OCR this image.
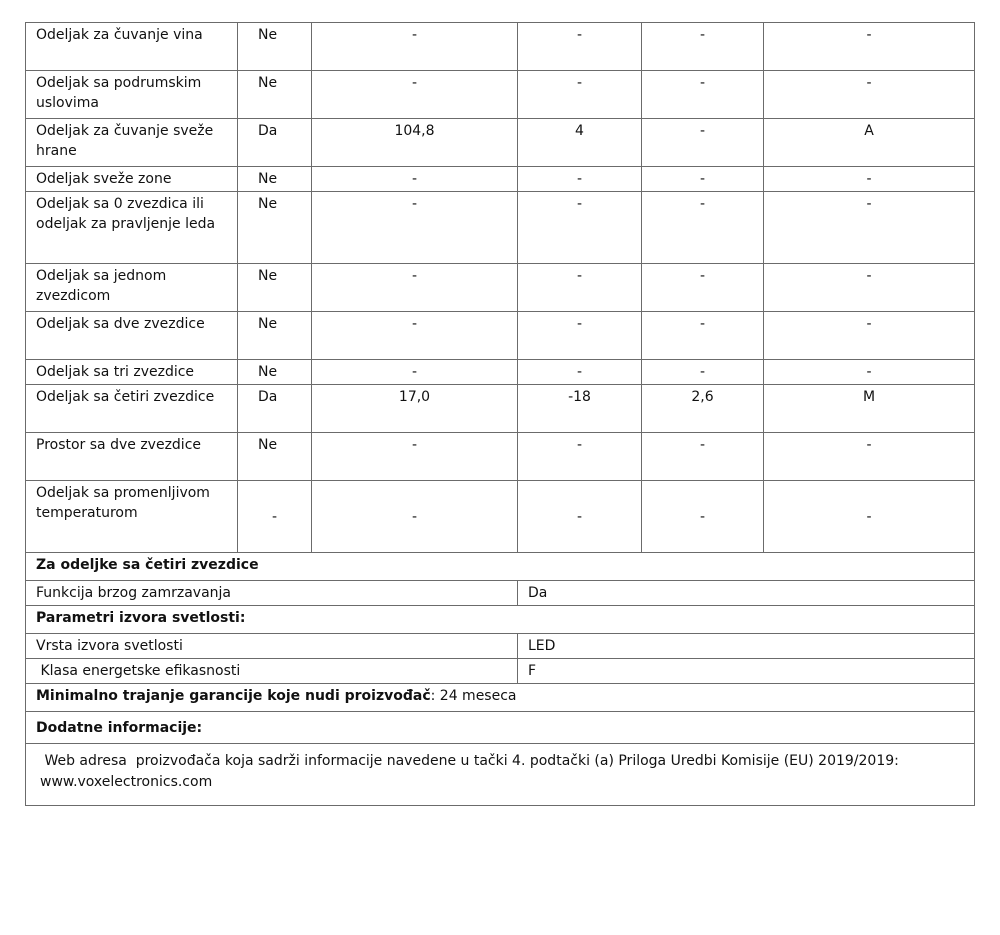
Odeljak za čuvanje vina	Ne	-	-	-	-
Odeljak sa podrumskim uslovima	Ne	-	-	-	-
Odeljak za čuvanje sveže hrane	Da	104,8	4	-	A
Odeljak sveže zone	Ne	-	-	-	-
Odeljak sa 0 zvezdica ili odeljak za pravljenje leda	Ne	-	-	-	-
Odeljak sa jednom zvezdicom	Ne	-	-	-	-
Odeljak sa dve zvezdice	Ne	-	-	-	-
Odeljak sa tri zvezdice	Ne	-	-	-	-
Odeljak sa četiri zvezdice	Da	17,0	-18	2,6	M
Prostor sa dve zvezdice	Ne	-	-	-	-
Odeljak sa promenljivom temperaturom	-	-	-	-	-
Za odeljke sa četiri zvezdice					
Funkcija brzog zamrzavanja			Da		
Parametri izvora svetlosti:					
Vrsta izvora svetlosti			LED		
Klasa energetske efikasnosti			F		
Minimalno trajanje garancije koje nudi proizvođač: 24 meseca					
Dodatne informacije:					
Web adresa  proizvođača koja sadrži informacije navedene u tački 4. podtački (a) Priloga Uredbi Komisije (EU) 2019/2019:  www.voxelectronics.com					
